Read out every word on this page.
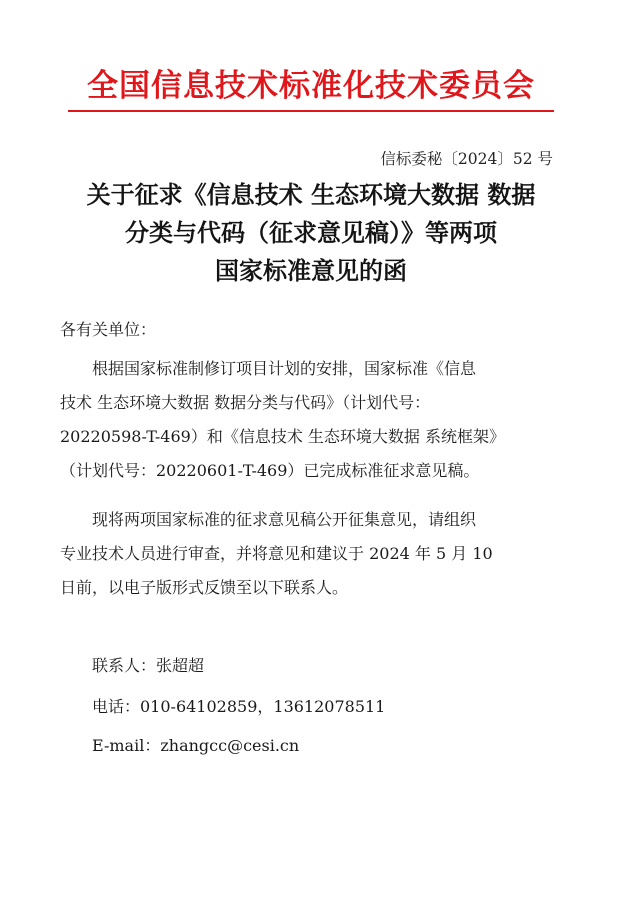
全国信息技术标准化技术委员会
信标委秘〔2024〕52 号
关于征求《信息技术 生态环境大数据 数据
分类与代码（征求意见稿）》等两项
国家标准意见的函
各有关单位：
根据国家标准制修订项目计划的安排，国家标准《信息
技术 生态环境大数据 数据分类与代码》（计划代号：
20220598-T-469）和《信息技术 生态环境大数据 系统框架》
（计划代号：20220601-T-469）已完成标准征求意见稿。
现将两项国家标准的征求意见稿公开征集意见，请组织
专业技术人员进行审查，并将意见和建议于 2024 年 5 月 10
日前，以电子版形式反馈至以下联系人。
联系人：张超超
电话：010-64102859，13612078511
E-mail：zhangcc@cesi.cn
